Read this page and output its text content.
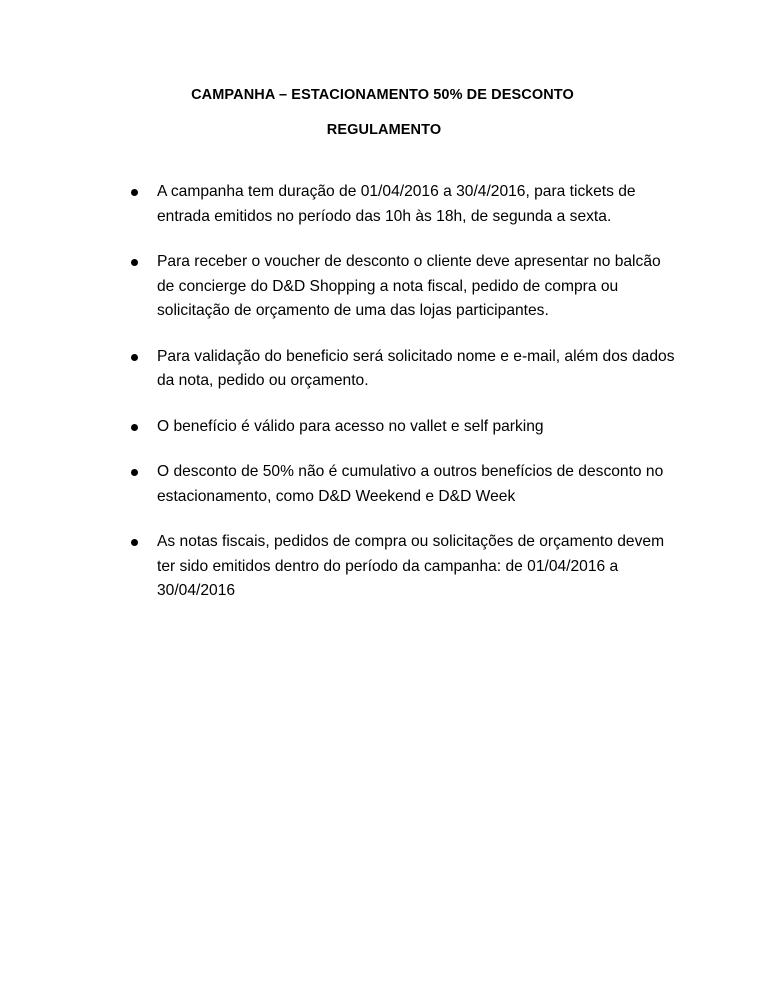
CAMPANHA – ESTACIONAMENTO 50% DE DESCONTO
REGULAMENTO
A campanha tem duração de 01/04/2016 a 30/4/2016, para tickets de entrada emitidos no período das 10h às 18h, de segunda a sexta.
Para receber o voucher de desconto o cliente deve apresentar no balcão de concierge do D&D Shopping a nota fiscal, pedido de compra ou solicitação de orçamento de uma das lojas participantes.
Para validação do beneficio será solicitado nome e e-mail, além dos dados da nota, pedido ou orçamento.
O benefício é válido para acesso no vallet e self parking
O desconto de 50% não é cumulativo a outros benefícios de desconto no estacionamento, como D&D Weekend e D&D Week
As notas fiscais, pedidos de compra ou solicitações de orçamento devem ter sido emitidos dentro do período da campanha: de 01/04/2016 a 30/04/2016
